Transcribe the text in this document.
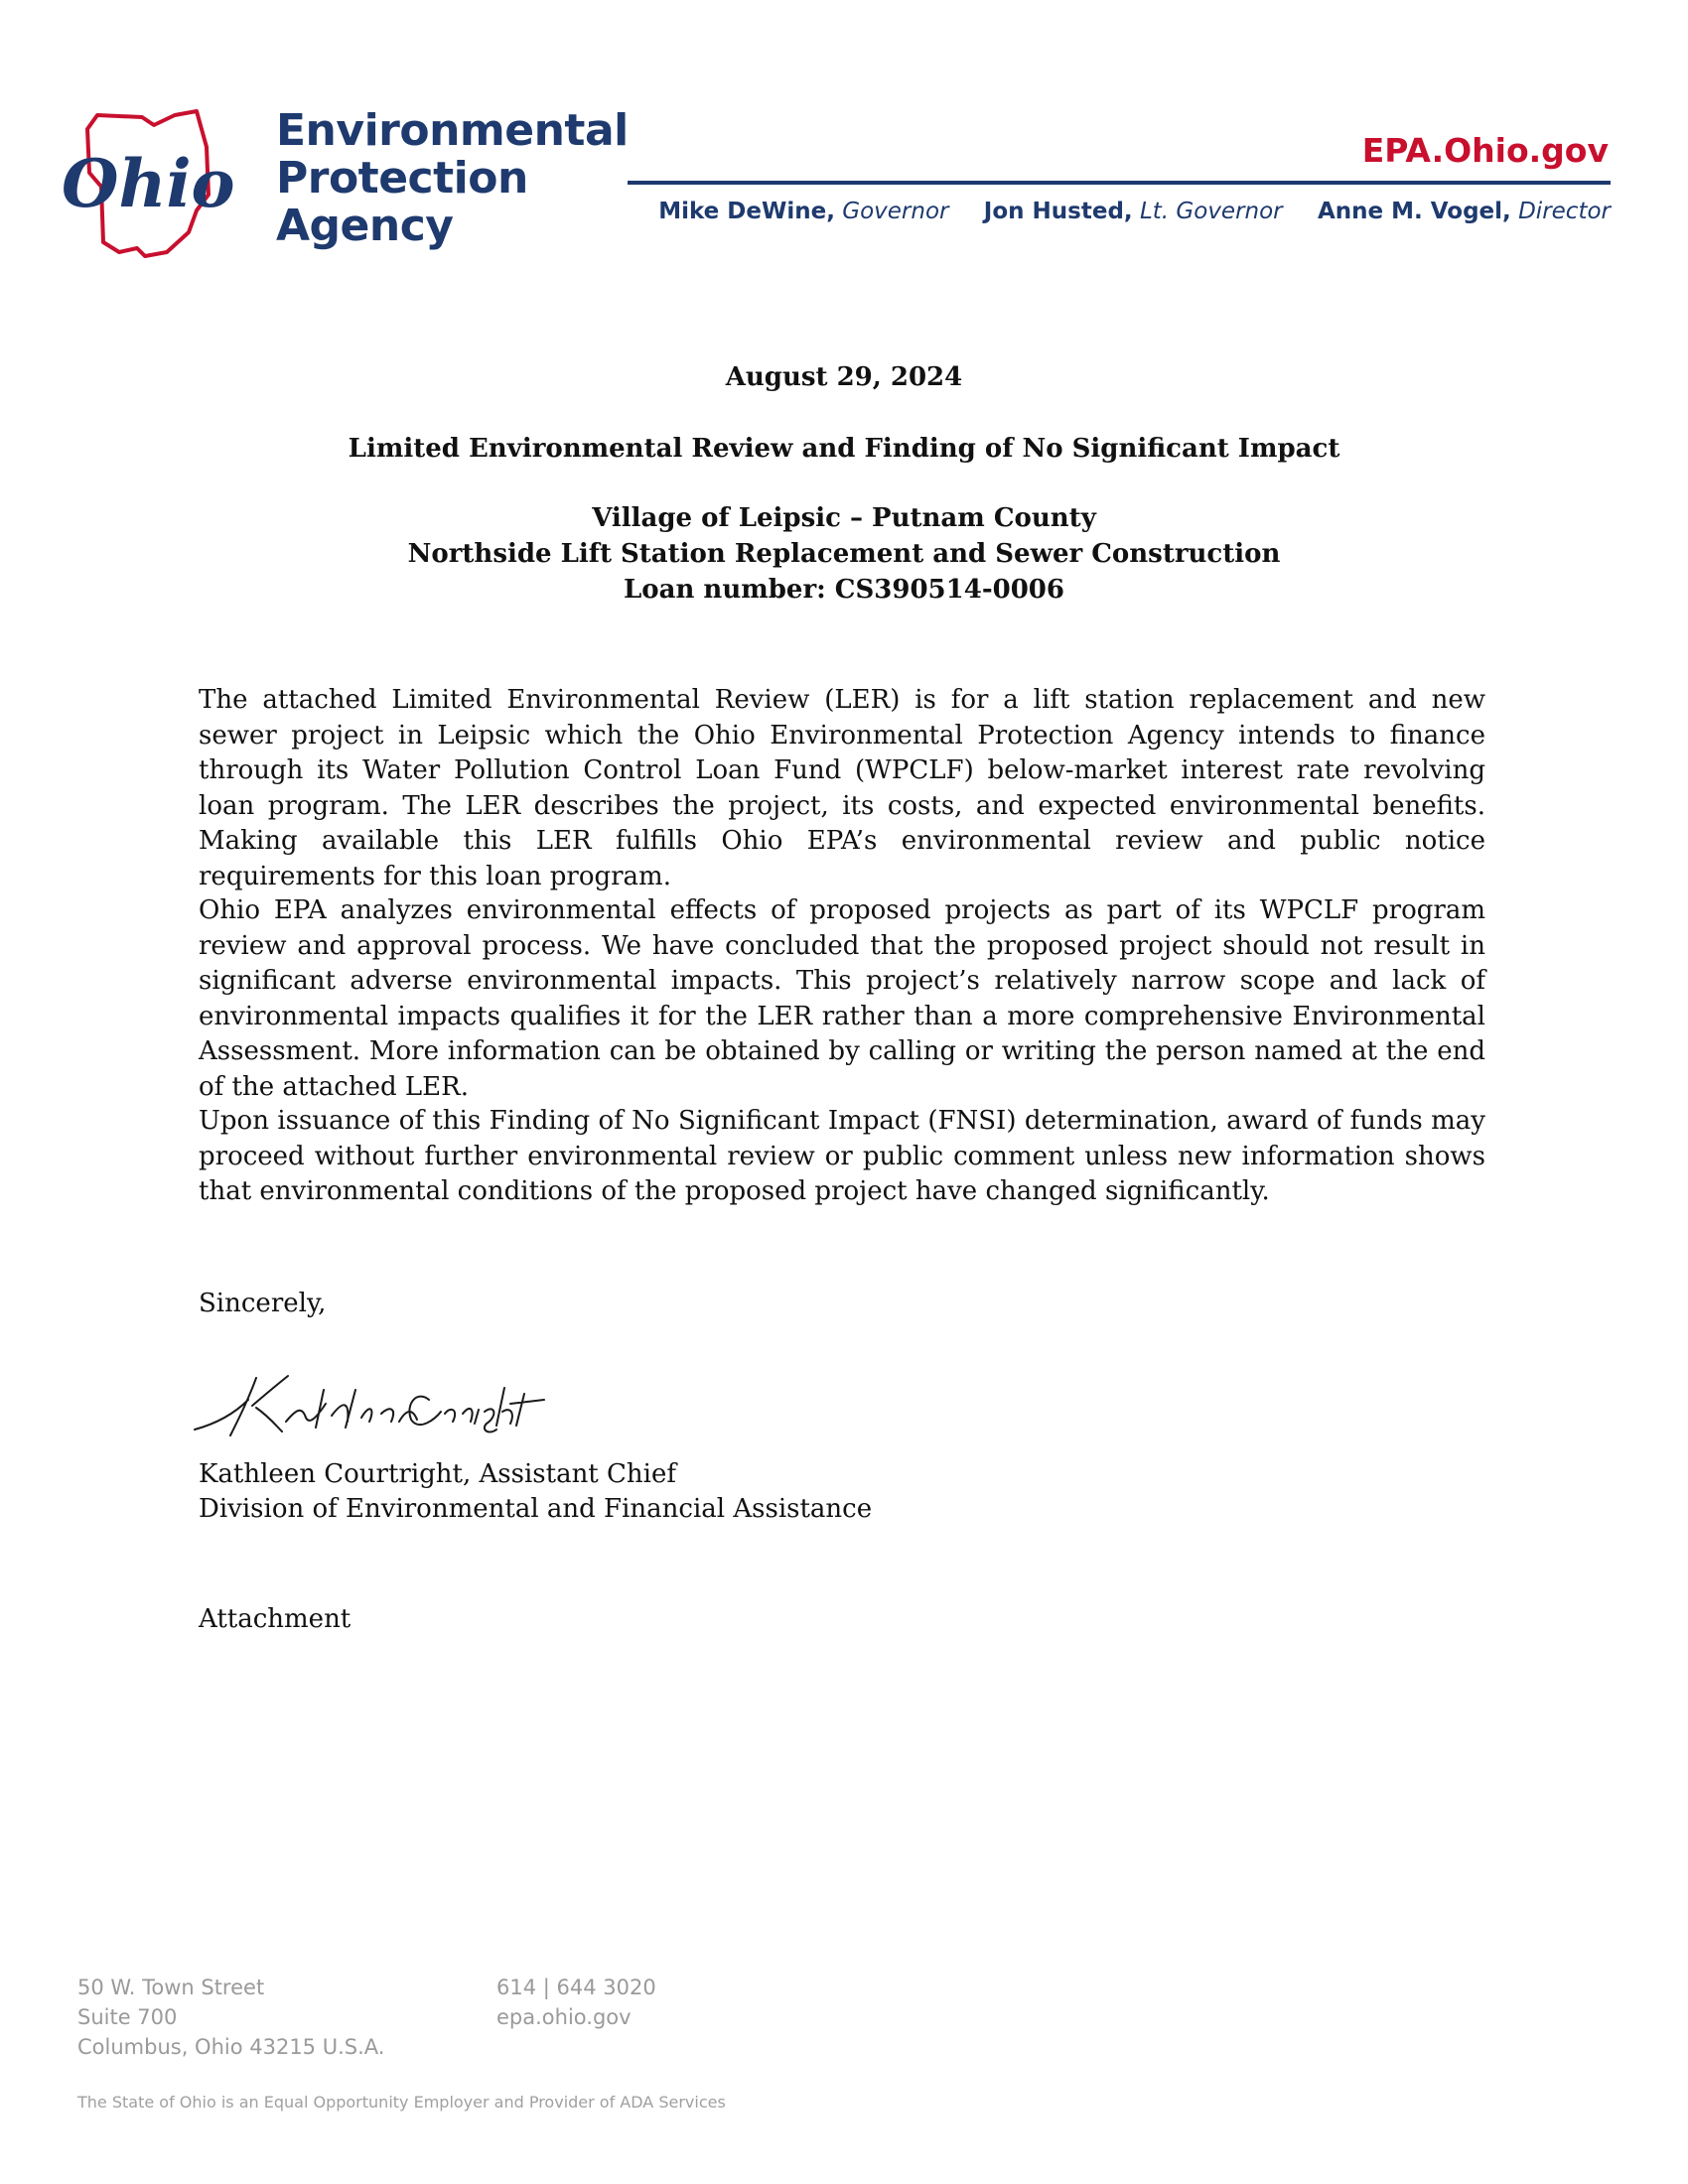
Ohio
Environmental
Protection
Agency
EPA.Ohio.gov
Mike DeWine, Governor Jon Husted, Lt. Governor Anne M. Vogel, Director
August 29, 2024
Limited Environmental Review and Finding of No Significant Impact
Village of Leipsic – Putnam County
Northside Lift Station Replacement and Sewer Construction
Loan number: CS390514-0006
The attached Limited Environmental Review (LER) is for a lift station replacement and new sewer project in Leipsic which the Ohio Environmental Protection Agency intends to finance through its Water Pollution Control Loan Fund (WPCLF) below-market interest rate revolving loan program. The LER describes the project, its costs, and expected environmental benefits. Making available this LER fulfills Ohio EPA’s environmental review and public notice requirements for this loan program.
Ohio EPA analyzes environmental effects of proposed projects as part of its WPCLF program review and approval process. We have concluded that the proposed project should not result in significant adverse environmental impacts. This project’s relatively narrow scope and lack of environmental impacts qualifies it for the LER rather than a more comprehensive Environmental Assessment. More information can be obtained by calling or writing the person named at the end of the attached LER.
Upon issuance of this Finding of No Significant Impact (FNSI) determination, award of funds may proceed without further environmental review or public comment unless new information shows that environmental conditions of the proposed project have changed significantly.
Sincerely,
Kathleen Courtright, Assistant Chief
Division of Environmental and Financial Assistance
Attachment
50 W. Town Street
Suite 700
Columbus, Ohio 43215 U.S.A.
614 | 644 3020
epa.ohio.gov
The State of Ohio is an Equal Opportunity Employer and Provider of ADA Services
